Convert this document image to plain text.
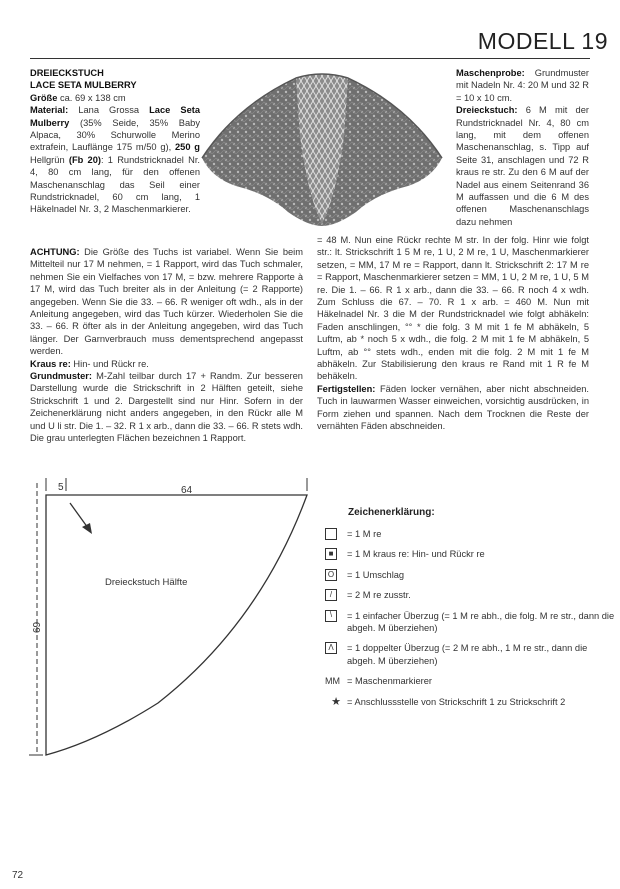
MODELL 19
DREIECKSTUCH
LACE SETA MULBERRY
Größe ca. 69 x 138 cm
Material: Lana Grossa Lace Seta Mulberry (35% Seide, 35% Baby Alpaca, 30% Schurwolle Merino extrafein, Lauflänge 175 m/50 g), 250 g Hellgrün (Fb 20): 1 Rundstricknadel Nr. 4, 80 cm lang, für den offenen Maschenanschlag das Seil einer Rundstricknadel, 60 cm lang, 1 Häkelnadel Nr. 3, 2 Maschenmarkierer.
Maschenprobe: Grundmuster mit Nadeln Nr. 4: 20 M und 32 R = 10 x 10 cm.
Dreieckstuch: 6 M mit der Rundstricknadel Nr. 4, 80 cm lang, mit dem offenen Maschenanschlag, s. Tipp auf Seite 31, anschlagen und 72 R kraus re str. Zu den 6 M auf der Nadel aus einem Seitenrand 36 M auffassen und die 6 M des offenen Maschenanschlags dazu nehmen
= 48 M. Nun eine Rückr rechte M str. In der folg. Hinr wie folgt str.: lt. Strickschrift 1 5 M re, 1 U, 2 M re, 1 U, Maschenmarkierer setzen, = MM, 17 M re = Rapport, dann lt. Strickschrift 2: 17 M re = Rapport, Maschenmarkierer setzen = MM, 1 U, 2 M re, 1 U, 5 M re. Die 1. – 66. R 1 x arb., dann die 33. – 66. R noch 4 x wdh. Zum Schluss die 67. – 70. R 1 x arb. = 460 M. Nun mit Häkelnadel Nr. 3 die M der Rundstricknadel wie folgt abhäkeln: Faden anschlingen, °° * die folg. 3 M mit 1 fe M abhäkeln, 5 Luftm, ab * noch 5 x wdh., die folg. 2 M mit 1 fe M abhäkeln, 5 Luftm, ab °° stets wdh., enden mit die folg. 2 M mit 1 fe M abhäkeln. Zur Stabilisierung den kraus re Rand mit 1 R fe M behäkeln.
Fertigstellen: Fäden locker vernähen, aber nicht abschneiden. Tuch in lauwarmen Wasser einweichen, vorsichtig ausdrücken, in Form ziehen und spannen. Nach dem Trocknen die Reste der vernähten Fäden abschneiden.
ACHTUNG: Die Größe des Tuchs ist variabel. Wenn Sie beim Mittelteil nur 17 M nehmen, = 1 Rapport, wird das Tuch schmaler, nehmen Sie ein Vielfaches von 17 M, = bzw. mehrere Rapporte à 17 M, wird das Tuch breiter als in der Anleitung (= 2 Rapporte) angegeben. Wenn Sie die 33. – 66. R weniger oft wdh., als in der Anleitung angegeben, wird das Tuch kürzer. Wiederholen Sie die 33. – 66. R öfter als in der Anleitung angegeben, wird das Tuch länger. Der Garnverbrauch muss dementsprechend angepasst werden.
Kraus re: Hin- und Rückr re.
Grundmuster: M-Zahl teilbar durch 17 + Randm. Zur besseren Darstellung wurde die Strickschrift in 2 Hälften geteilt, siehe Strickschrift 1 und 2. Dargestellt sind nur Hinr. Sofern in der Zeichenerklärung nicht anders angegeben, in den Rückr alle M und U li str. Die 1. – 32. R 1 x arb., dann die 33. – 66. R stets wdh. Die grau unterlegten Flächen bezeichnen 1 Rapport.
5	64
69
Dreieckstuch Hälfte
Zeichenerklärung:
= 1 M re
■	= 1 M kraus re: Hin- und Rückr re
O	= 1 Umschlag
/	= 2 M re zusstr.
\	= 1 einfacher Überzug (= 1 M re abh., die folg. M re str., dann die abgeh. M überziehen)
Λ	= 1 doppelter Überzug (= 2 M re abh., 1 M re str., dann die abgeh. M überziehen)
MM = Maschenmarkierer
★ = Anschlussstelle von Strickschrift 1 zu Strickschrift 2
72
